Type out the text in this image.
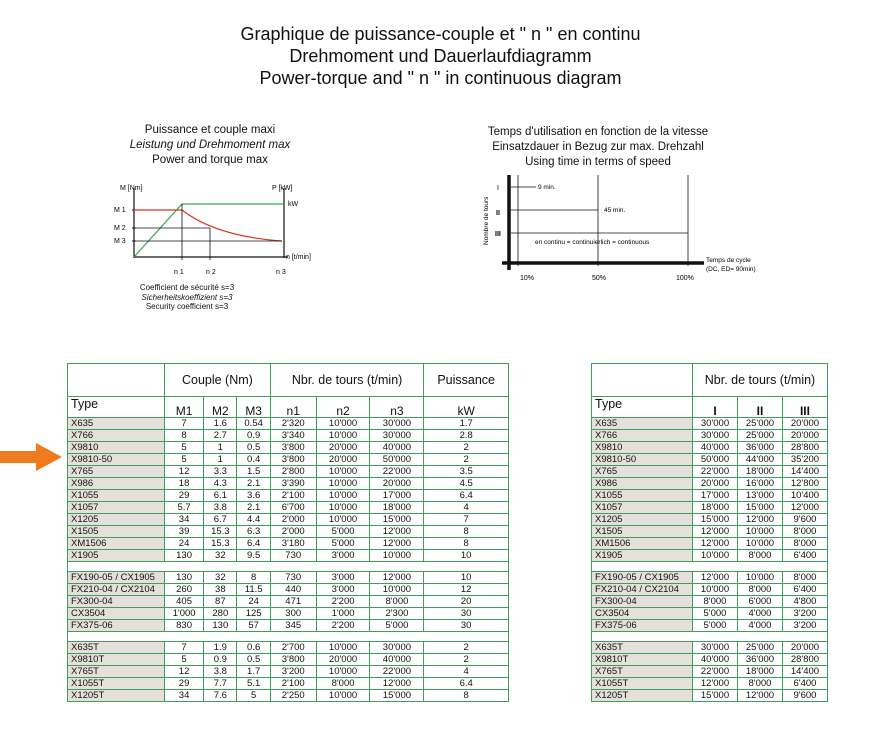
Graphique de puissance-couple et " n " en continu
Drehmoment und Dauerlaufdiagramm
Power-torque and " n " in continuous diagram
Puissance et couple maxi
Leistung und Drehmoment max
Power and torque max
M [Nm]	P [kW]
kW
M 1
M 2
M 3
n [t/min]
n 1	n 2	n 3
Coefficient de sécurité s=3
Sicherheitskoeffizient s=3
Security coefficient s=3
Temps d'utilisation en fonction de la vitesse
Einsatzdauer in Bezug zur max. Drehzahl
Using time in terms of speed
Nombre de tours
I
II
III
9 min.
45 min.
en continu = continuierlich = continuous
10%	50%	100%
Temps de cycle
(DC, ED= 90min)
	Couple (Nm)			Nbr. de tours (t/min)			Puissance
Type	M1	M2	M3	n1	n2	n3	kW
X635	7	1.6	0.54	2'320	10'000	30'000	1.7
X766	8	2.7	0.9	3'340	10'000	30'000	2.8
X9810	5	1	0.5	3'800	20'000	40'000	2
X9810-50	5	1	0.4	3'800	20'000	50'000	2
X765	12	3.3	1.5	2'800	10'000	22'000	3.5
X986	18	4.3	2.1	3'390	10'000	20'000	4.5
X1055	29	6.1	3.6	2'100	10'000	17'000	6.4
X1057	5.7	3.8	2.1	6'700	10'000	18'000	4
X1205	34	6.7	4.4	2'000	10'000	15'000	7
X1505	39	15.3	6.3	2'000	5'000	12'000	8
XM1506	24	15.3	6.4	3'180	5'000	12'000	8
X1905	130	32	9.5	730	3'000	10'000	10

FX190-05 / CX1905	130	32	8	730	3'000	12'000	10
FX210-04 / CX2104	260	38	11.5	440	3'000	10'000	12
FX300-04	405	87	24	471	2'200	8'000	20
CX3504	1'000	280	125	300	1'000	2'300	30
FX375-06	830	130	57	345	2'200	5'000	30

X635T	7	1.9	0.6	2'700	10'000	30'000	2
X9810T	5	0.9	0.5	3'800	20'000	40'000	2
X765T	12	3.8	1.7	3'200	10'000	22'000	4
X1055T	29	7.7	5.1	2'100	8'000	12'000	6.4
X1205T	34	7.6	5	2'250	10'000	15'000	8
	Nbr. de tours (t/min)		
Type	I	II	III
X635	30'000	25'000	20'000
X766	30'000	25'000	20'000
X9810	40'000	36'000	28'800
X9810-50	50'000	44'000	35'200
X765	22'000	18'000	14'400
X986	20'000	16'000	12'800
X1055	17'000	13'000	10'400
X1057	18'000	15'000	12'000
X1205	15'000	12'000	9'600
X1505	12'000	10'000	8'000
XM1506	12'000	10'000	8'000
X1905	10'000	8'000	6'400

FX190-05 / CX1905	12'000	10'000	8'000
FX210-04 / CX2104	10'000	8'000	6'400
FX300-04	8'000	6'000	4'800
CX3504	5'000	4'000	3'200
FX375-06	5'000	4'000	3'200

X635T	30'000	25'000	20'000
X9810T	40'000	36'000	28'800
X765T	22'000	18'000	14'400
X1055T	12'000	8'000	6'400
X1205T	15'000	12'000	9'600
